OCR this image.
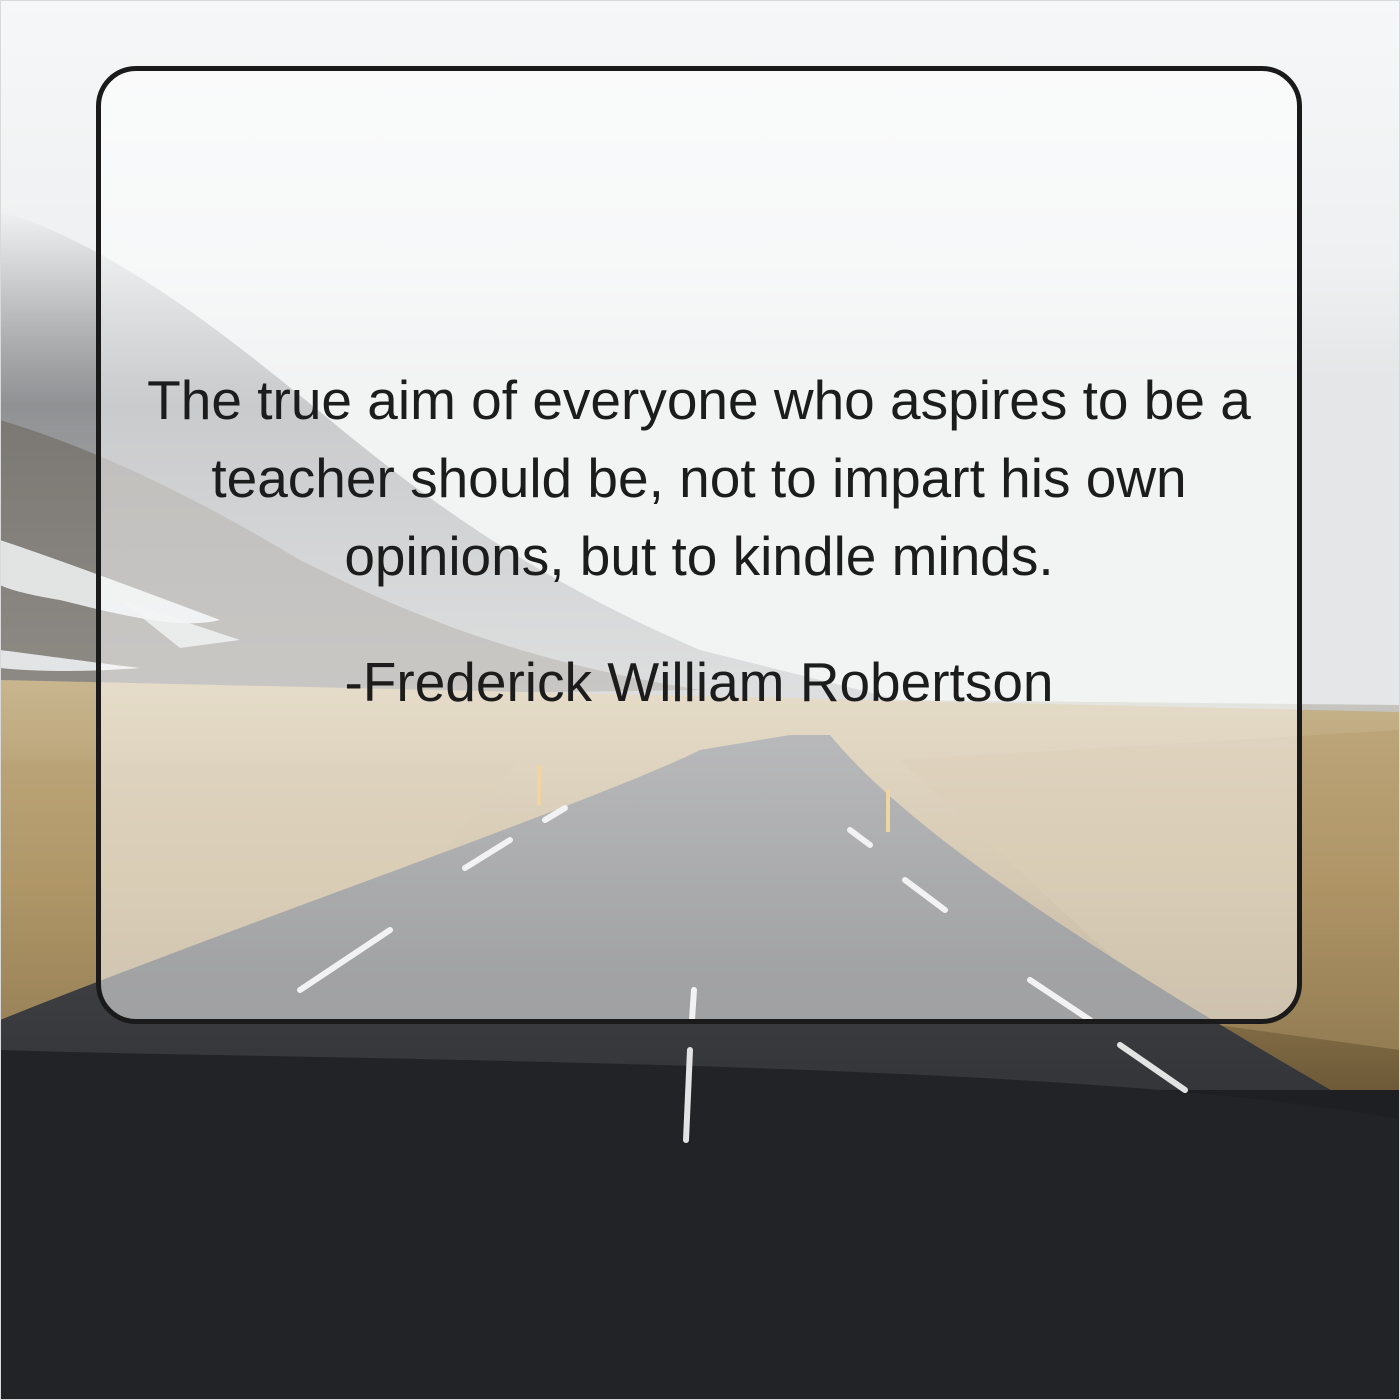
The true aim of everyone who aspires to be a teacher should be, not to impart his own opinions, but to kindle minds.
-Frederick William Robertson
